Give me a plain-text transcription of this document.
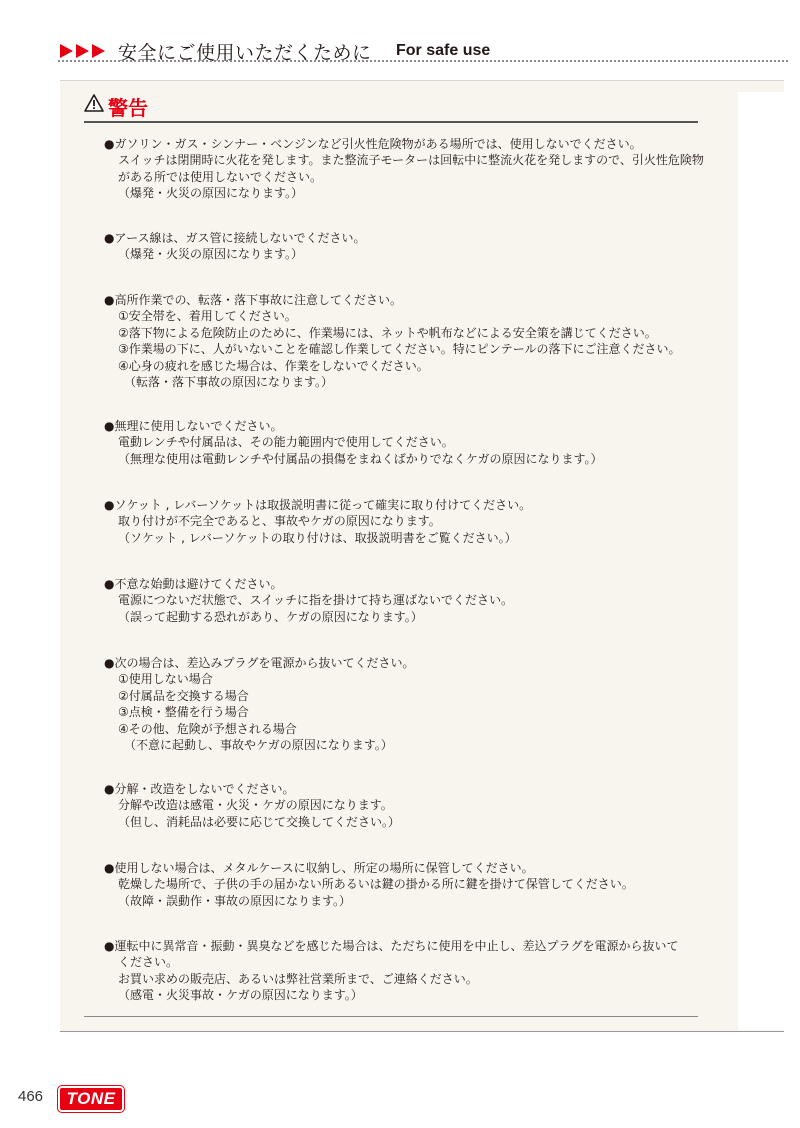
安全にご使用いただくために For safe use
警告
●ガソリン・ガス・シンナー・ベンジンなど引火性危険物がある場所では、使用しないでください。
スイッチは閉開時に火花を発します。また整流子モーターは回転中に整流火花を発しますので、引火性危険物
がある所では使用しないでください。
（爆発・火災の原因になります。）
●アース線は、ガス管に接続しないでください。
（爆発・火災の原因になります。）
●高所作業での、転落・落下事故に注意してください。
①安全帯を、着用してください。
②落下物による危険防止のために、作業場には、ネットや帆布などによる安全策を講じてください。
③作業場の下に、人がいないことを確認し作業してください。特にピンテールの落下にご注意ください。
④心身の疲れを感じた場合は、作業をしないでください。
（転落・落下事故の原因になります。）
●無理に使用しないでください。
電動レンチや付属品は、その能力範囲内で使用してください。
（無理な使用は電動レンチや付属品の損傷をまねくばかりでなくケガの原因になります。）
●ソケット , レバーソケットは取扱説明書に従って確実に取り付けてください。
取り付けが不完全であると、事故やケガの原因になります。
（ソケット , レバーソケットの取り付けは、取扱説明書をご覧ください。）
●不意な始動は避けてください。
電源につないだ状態で、スイッチに指を掛けて持ち運ばないでください。
（誤って起動する恐れがあり、ケガの原因になります。）
●次の場合は、差込みプラグを電源から抜いてください。
①使用しない場合
②付属品を交換する場合
③点検・整備を行う場合
④その他、危険が予想される場合
（不意に起動し、事故やケガの原因になります。）
●分解・改造をしないでください。
分解や改造は感電・火災・ケガの原因になります。
（但し、消耗品は必要に応じて交換してください。）
●使用しない場合は、メタルケースに収納し、所定の場所に保管してください。
乾燥した場所で、子供の手の届かない所あるいは鍵の掛かる所に鍵を掛けて保管してください。
（故障・誤動作・事故の原因になります。）
●運転中に異常音・振動・異臭などを感じた場合は、ただちに使用を中止し、差込プラグを電源から抜いて
ください。
お買い求めの販売店、あるいは弊社営業所まで、ご連絡ください。
（感電・火災事故・ケガの原因になります。）
466	TONE
